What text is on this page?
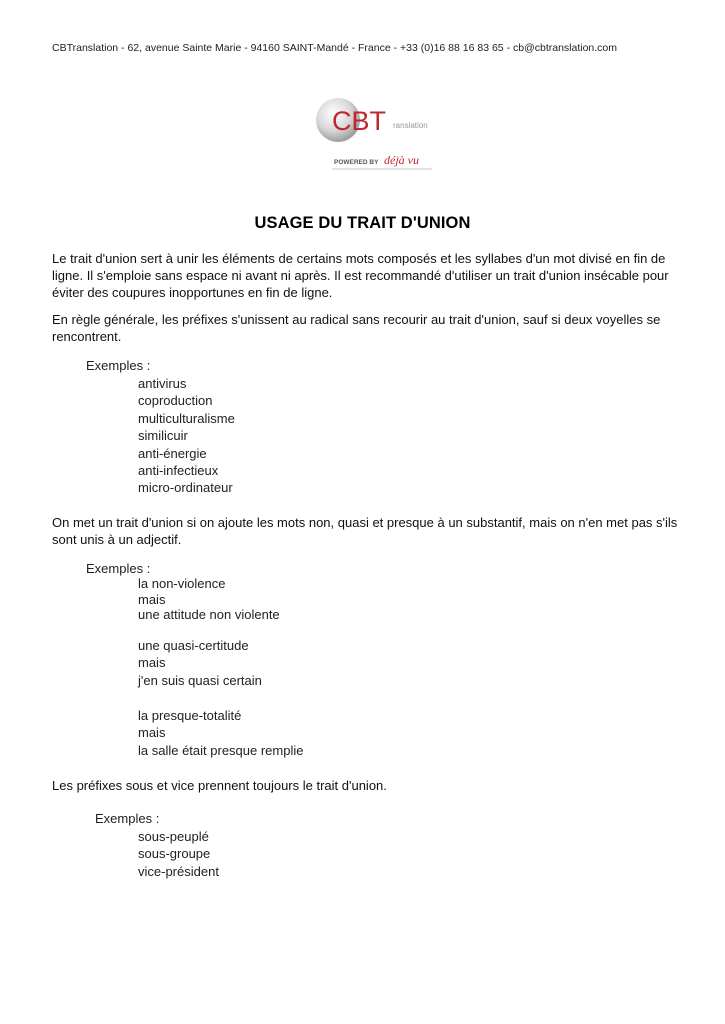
CBTranslation - 62, avenue Sainte Marie - 94160 SAINT-Mandé - France - +33 (0)16 88 16 83 65 - cb@cbtranslation.com
CBT ranslation
POWERED BY déjà vu
USAGE DU TRAIT D'UNION
Le trait d'union sert à unir les éléments de certains mots composés et les syllabes d'un mot divisé en fin de ligne. Il s'emploie sans espace ni avant ni après. Il est recommandé d'utiliser un trait d'union insécable pour éviter des coupures inopportunes en fin de ligne.
En règle générale, les préfixes s'unissent au radical sans recourir au trait d'union, sauf si deux voyelles se rencontrent.
Exemples :
antivirus
coproduction
multiculturalisme
similicuir
anti-énergie
anti-infectieux
micro-ordinateur
On met un trait d'union si on ajoute les mots non, quasi et presque à un substantif, mais on n'en met pas s'ils sont unis à un adjectif.
Exemples :
la non-violence
mais
une attitude non violente
une quasi-certitude
mais
j'en suis quasi certain
la presque-totalité
mais
la salle était presque remplie
Les préfixes sous et vice prennent toujours le trait d'union.
Exemples :
sous-peuplé
sous-groupe
vice-président
